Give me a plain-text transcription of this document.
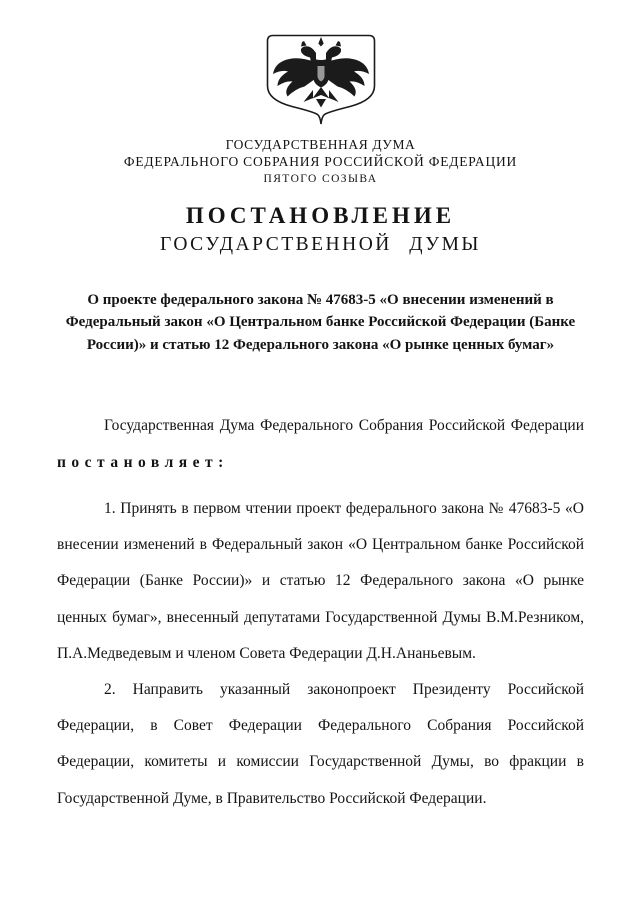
ГОСУДАРСТВЕННАЯ ДУМА
ФЕДЕРАЛЬНОГО СОБРАНИЯ РОССИЙСКОЙ ФЕДЕРАЦИИ
ПЯТОГО СОЗЫВА
ПОСТАНОВЛЕНИЕ
ГОСУДАРСТВЕННОЙ ДУМЫ
О проекте федерального закона № 47683-5 «О внесении изменений в Федеральный закон «О Центральном банке Российской Федерации (Банке России)» и статью 12 Федерального закона «О рынке ценных бумаг»
Государственная Дума Федерального Собрания Российской Федерации
постановляет:

1. Принять в первом чтении проект федерального закона № 47683-5 «О внесении изменений в Федеральный закон «О Центральном банке Российской Федерации (Банке России)» и статью 12 Федерального закона «О рынке ценных бумаг», внесенный депутатами Государственной Думы В.М.Резником, П.А.Медведевым и членом Совета Федерации Д.Н.Ананьевым.

2. Направить указанный законопроект Президенту Российской Федерации, в Совет Федерации Федерального Собрания Российской Федерации, комитеты и комиссии Государственной Думы, во фракции в Государственной Думе, в Правительство Российской Федерации.
